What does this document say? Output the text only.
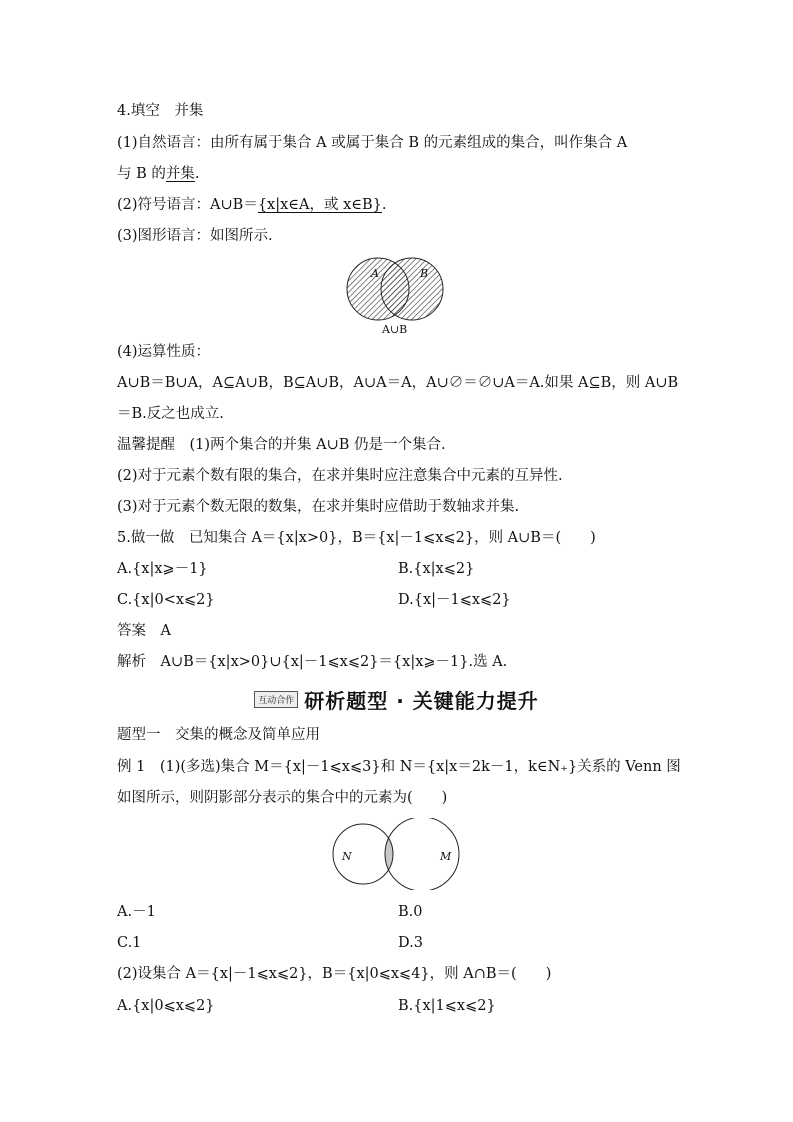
4.填空　并集
(1)自然语言：由所有属于集合 A 或属于集合 B 的元素组成的集合，叫作集合 A
与 B 的并集.
(2)符号语言：A∪B＝{x|x∈A，或 x∈B}.
(3)图形语言：如图所示.
A	B
A∪B
(4)运算性质：
A∪B＝B∪A，A⊆A∪B，B⊆A∪B，A∪A＝A，A∪∅＝∅∪A＝A.如果 A⊆B，则 A∪B
＝B.反之也成立.
温馨提醒　(1)两个集合的并集 A∪B 仍是一个集合.
(2)对于元素个数有限的集合，在求并集时应注意集合中元素的互异性.
(3)对于元素个数无限的数集，在求并集时应借助于数轴求并集.
5.做一做　已知集合 A＝{x|x>0}，B＝{x|－1⩽x⩽2}，则 A∪B＝(　　)
A.{x|x⩾－1}	B.{x|x⩽2}
C.{x|0<x⩽2}	D.{x|－1⩽x⩽2}
答案　A
解析　A∪B＝{x|x>0}∪{x|－1⩽x⩽2}＝{x|x⩾－1}.选 A.
互动合作 研析题型 · 关键能力提升
题型一　交集的概念及简单应用
例 1　(1)(多选)集合 M＝{x|－1⩽x⩽3}和 N＝{x|x＝2k－1，k∈N₊}关系的 Venn 图
如图所示，则阴影部分表示的集合中的元素为(　　)
N	M
A.－1	B.0
C.1	D.3
(2)设集合 A＝{x|－1⩽x⩽2}，B＝{x|0⩽x⩽4}，则 A∩B＝(　　)
A.{x|0⩽x⩽2}	B.{x|1⩽x⩽2}
